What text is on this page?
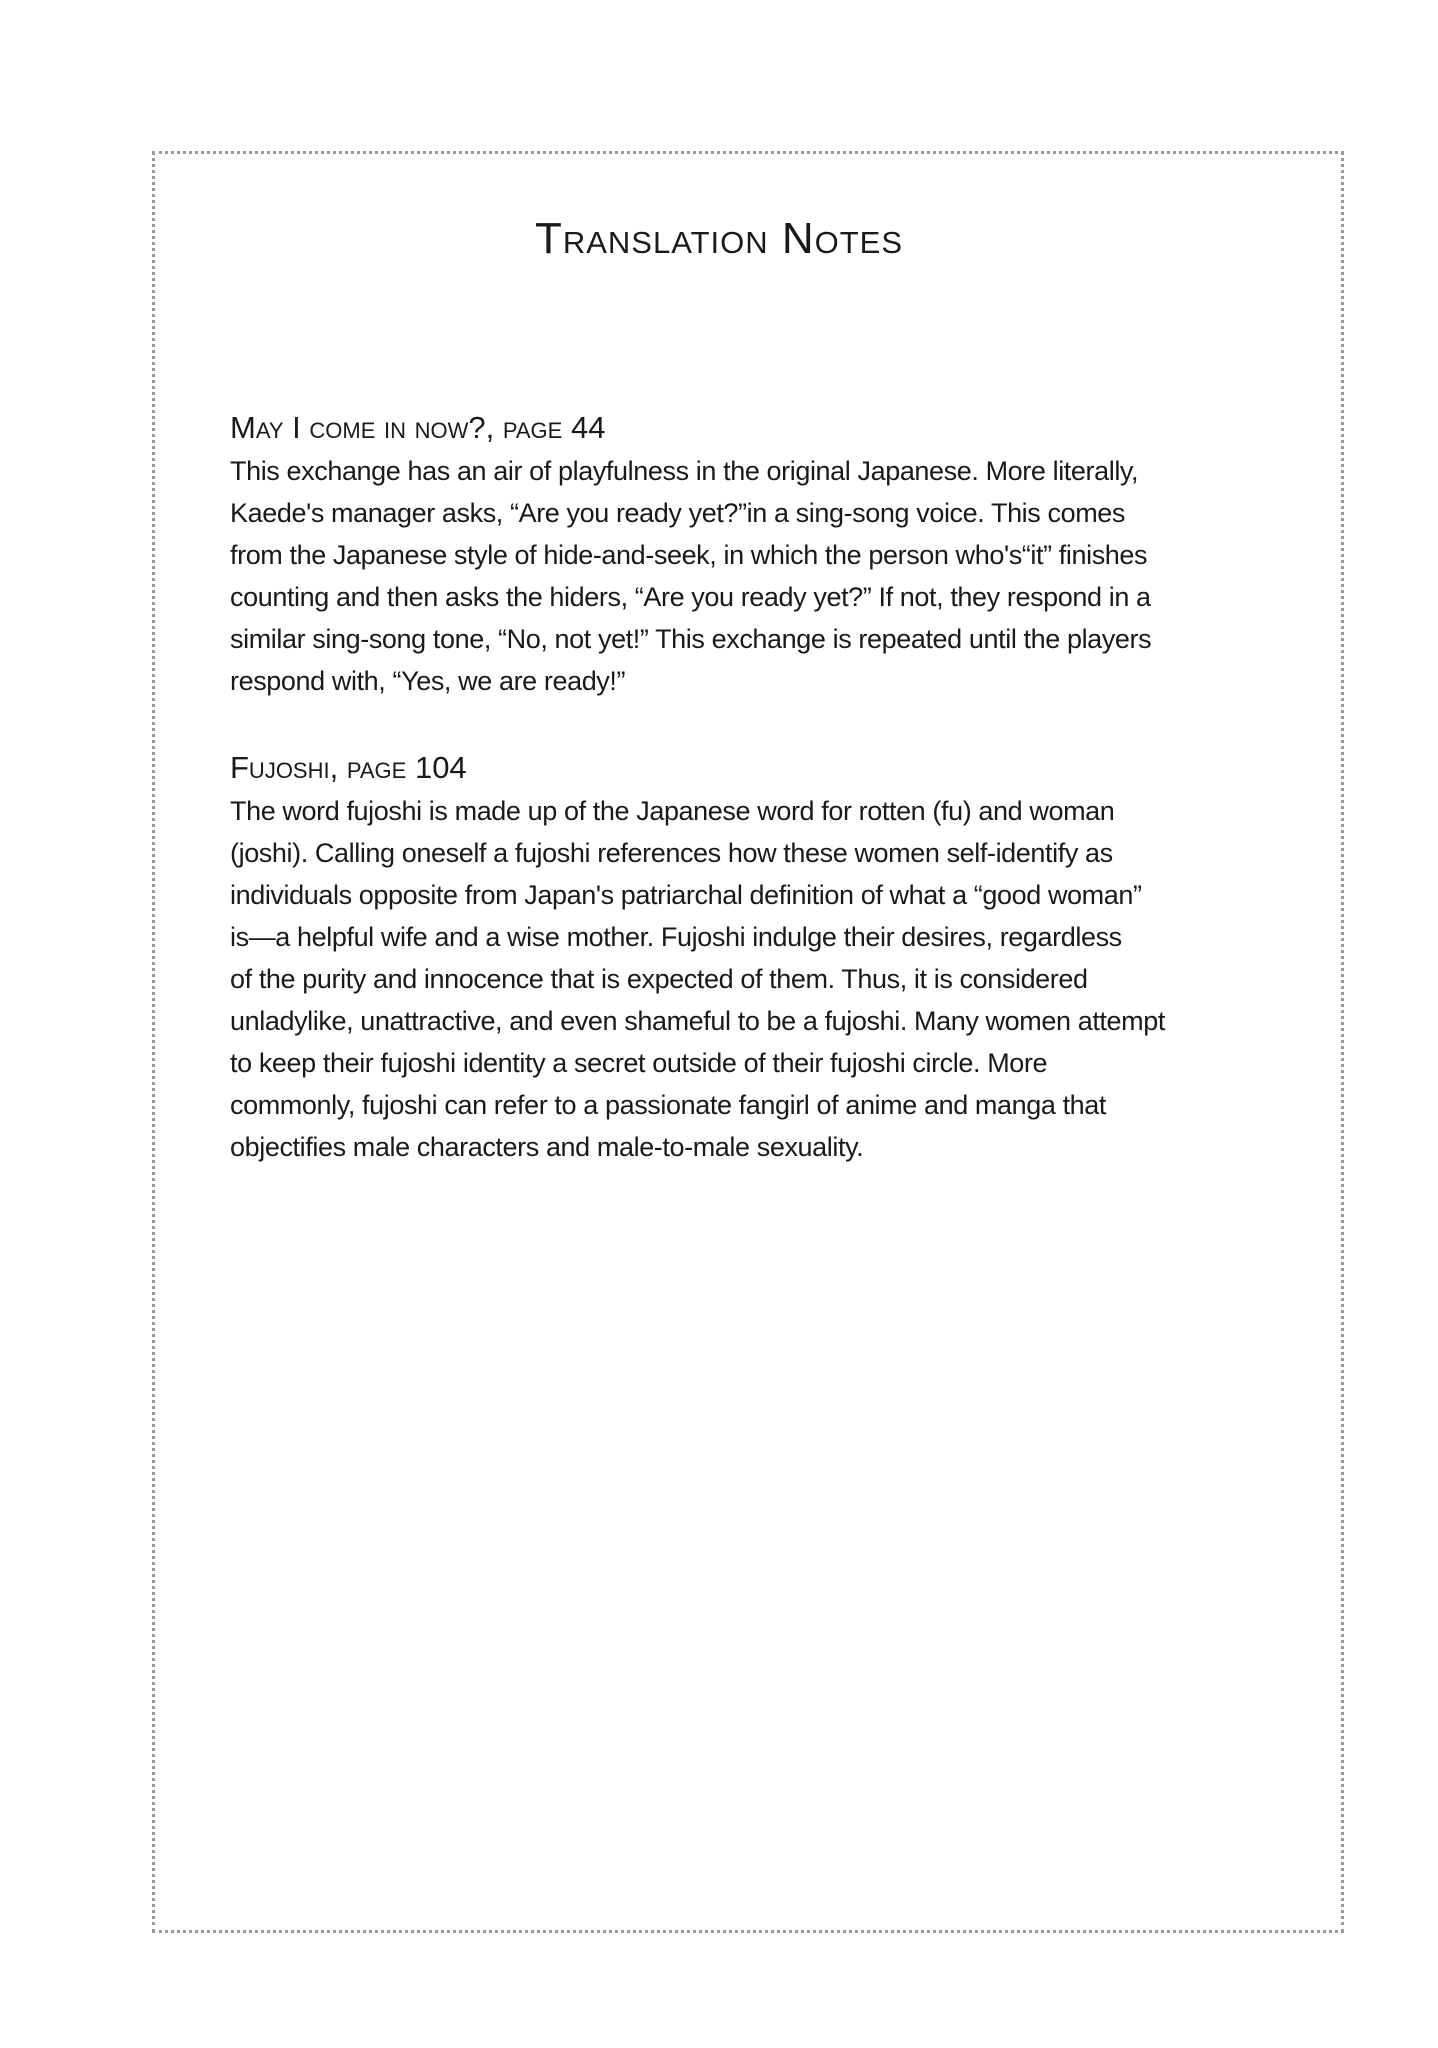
Translation Notes
May I come in now?, page 44
This exchange has an air of playfulness in the original Japanese. More literally,
Kaede's manager asks, “Are you ready yet?”in a sing-song voice. This comes
from the Japanese style of hide-and-seek, in which the person who's“it” finishes
counting and then asks the hiders, “Are you ready yet?” If not, they respond in a
similar sing-song tone, “No, not yet!” This exchange is repeated until the players
respond with, “Yes, we are ready!”
Fujoshi, page 104
The word fujoshi is made up of the Japanese word for rotten (fu) and woman
(joshi). Calling oneself a fujoshi references how these women self-identify as
individuals opposite from Japan's patriarchal definition of what a “good woman”
is—a helpful wife and a wise mother. Fujoshi indulge their desires, regardless
of the purity and innocence that is expected of them. Thus, it is considered
unladylike, unattractive, and even shameful to be a fujoshi. Many women attempt
to keep their fujoshi identity a secret outside of their fujoshi circle. More
commonly, fujoshi can refer to a passionate fangirl of anime and manga that
objectifies male characters and male-to-male sexuality.
